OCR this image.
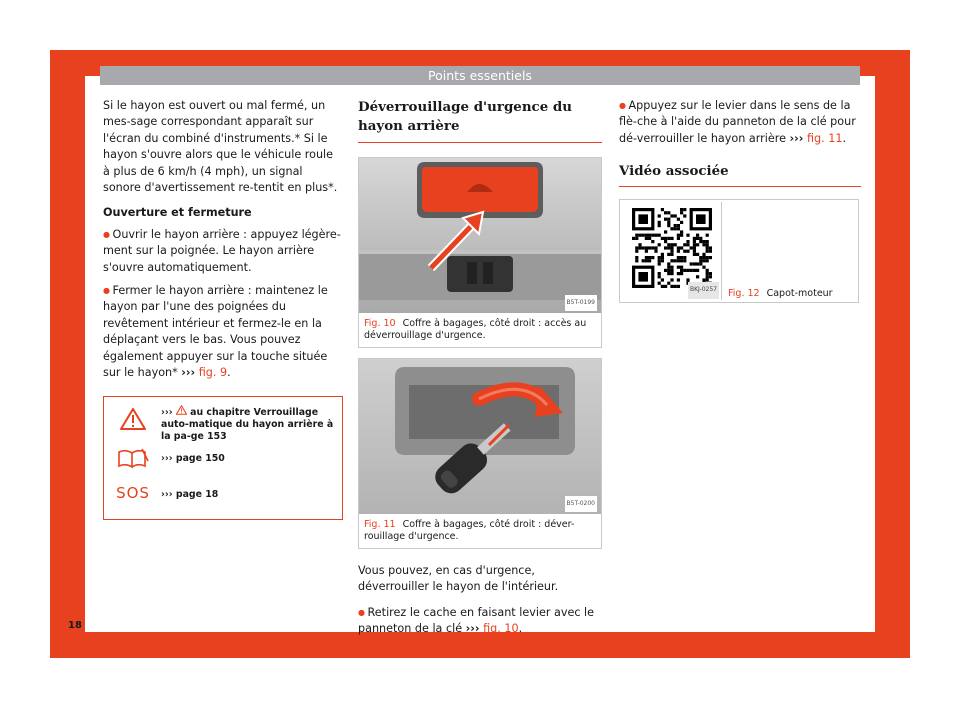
Points essentiels
18

Si le hayon est ouvert ou mal fermé, un mes-sage correspondant apparaît sur l'écran du combiné d'instruments.* Si le hayon s'ouvre alors que le véhicule roule à plus de 6 km/h (4 mph), un signal sonore d'avertissement re-tentit en plus*.

Ouverture et fermeture

● Ouvrir le hayon arrière : appuyez légère-ment sur la poignée. Le hayon arrière s'ouvre automatiquement.

● Fermer le hayon arrière : maintenez le hayon par l'une des poignées du revêtement intérieur et fermez-le en la déplaçant vers le bas. Vous pouvez également appuyer sur la touche située sur le hayon* ››› fig. 9.

››› au chapitre Verrouillage auto-matique du hayon arrière à la pa-ge 153
››› page 150
SOS	››› page 18
Déverrouillage d'urgence du hayon arrière
B5T-0199
Fig. 10 Coffre à bagages, côté droit : accès au déverrouillage d'urgence.
B5T-0200
Fig. 11 Coffre à bagages, côté droit : déver-rouillage d'urgence.

Vous pouvez, en cas d'urgence, déverrouiller le hayon de l'intérieur.

● Retirez le cache en faisant levier avec le panneton de la clé ››› fig. 10.

● Appuyez sur le levier dans le sens de la flè-che à l'aide du panneton de la clé pour dé-verrouiller le hayon arrière ››› fig. 11.

Vidéo associée
BKJ-0257 Fig. 12 Capot-moteur
